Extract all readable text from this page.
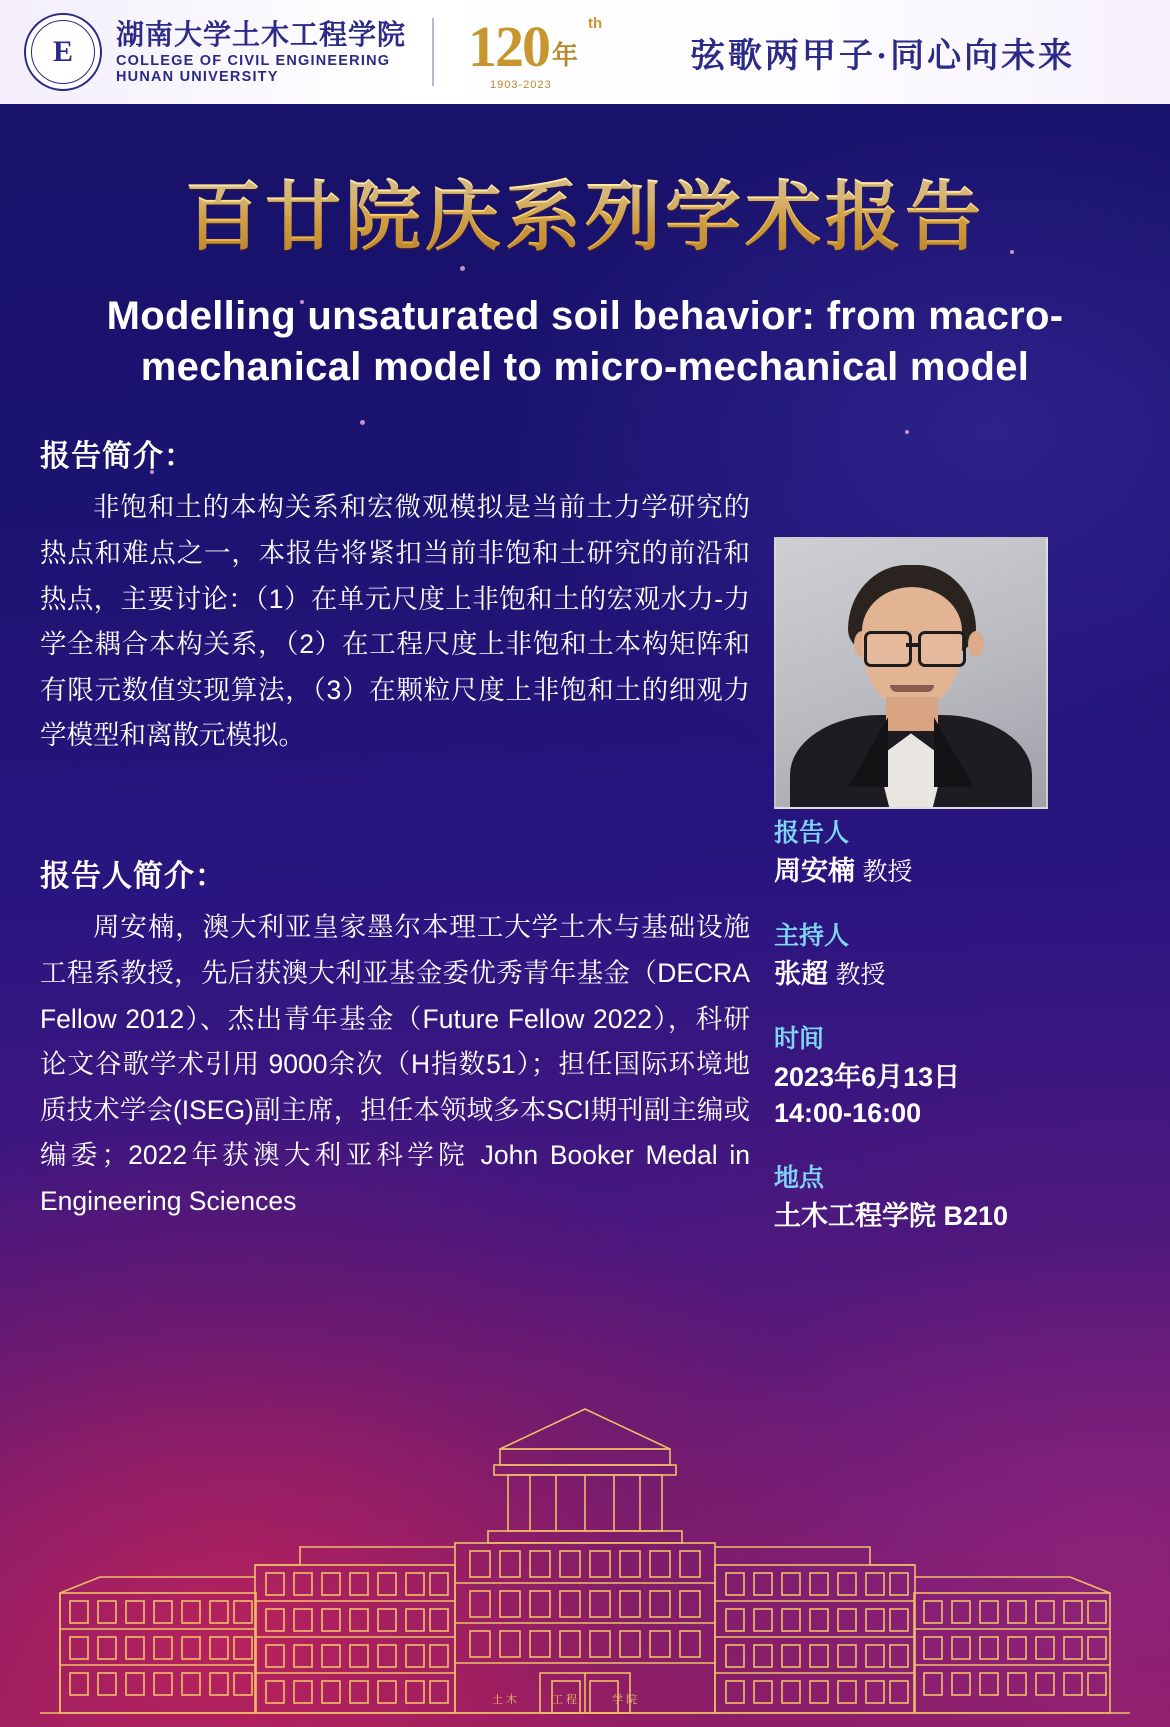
E
湖南大学土木工程学院
COLLEGE OF CIVIL ENGINEERING
HUNAN UNIVERSITY	120	th
年
1903-2023
弦歌两甲子·同心向未来
百廿院庆系列学术报告
Modelling unsaturated soil behavior: from macro-mechanical model to micro-mechanical model
报告简介：
非饱和土的本构关系和宏微观模拟是当前土力学研究的热点和难点之一，本报告将紧扣当前非饱和土研究的前沿和热点，主要讨论：（1）在单元尺度上非饱和土的宏观水力-力学全耦合本构关系，（2）在工程尺度上非饱和土本构矩阵和有限元数值实现算法，（3）在颗粒尺度上非饱和土的细观力学模型和离散元模拟。
报告人简介：
周安楠，澳大利亚皇家墨尔本理工大学土木与基础设施工程系教授，先后获澳大利亚基金委优秀青年基金（DECRA Fellow 2012）、杰出青年基金（Future Fellow 2022），科研论文谷歌学术引用 9000余次（H指数51）；担任国际环境地质技术学会(ISEG)副主席，担任本领域多本SCI期刊副主编或编委；2022年获澳大利亚科学院 John Booker Medal in Engineering Sciences
报告人
周安楠 教授
主持人
张超 教授
时间
2023年6月13日
14:00-16:00
地点
土木工程学院 B210
土 木	工 程	学 院
